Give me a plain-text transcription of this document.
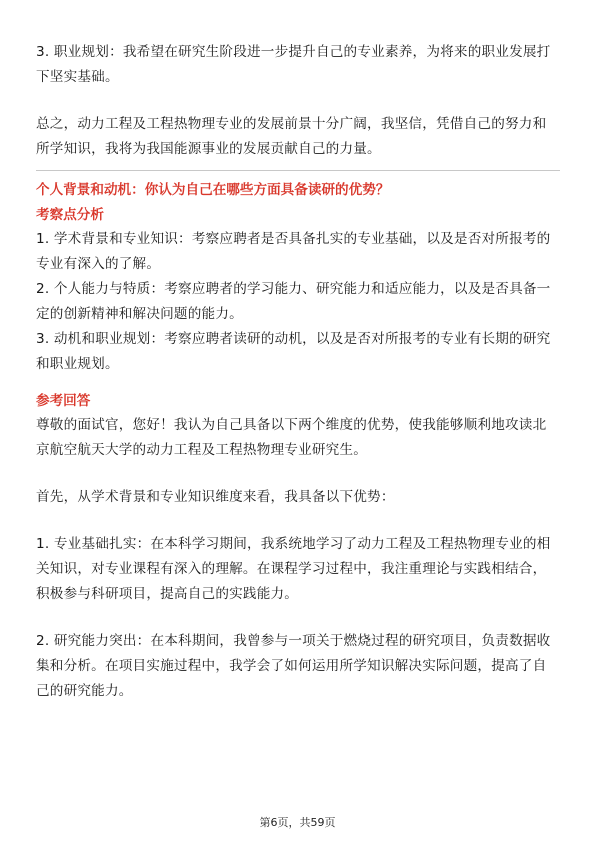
3. 职业规划：我希望在研究生阶段进一步提升自己的专业素养，为将来的职业发展打下坚实基础。

总之，动力工程及工程热物理专业的发展前景十分广阔，我坚信，凭借自己的努力和所学知识，我将为我国能源事业的发展贡献自己的力量。

个人背景和动机：你认为自己在哪些方面具备读研的优势？
考察点分析

1. 学术背景和专业知识：考察应聘者是否具备扎实的专业基础，以及是否对所报考的专业有深入的了解。

2. 个人能力与特质：考察应聘者的学习能力、研究能力和适应能力，以及是否具备一定的创新精神和解决问题的能力。

3. 动机和职业规划：考察应聘者读研的动机，以及是否对所报考的专业有长期的研究和职业规划。

参考回答

尊敬的面试官，您好！我认为自己具备以下两个维度的优势，使我能够顺利地攻读北京航空航天大学的动力工程及工程热物理专业研究生。

首先，从学术背景和专业知识维度来看，我具备以下优势：

1. 专业基础扎实：在本科学习期间，我系统地学习了动力工程及工程热物理专业的相关知识，对专业课程有深入的理解。在课程学习过程中，我注重理论与实践相结合，积极参与科研项目，提高自己的实践能力。

2. 研究能力突出：在本科期间，我曾参与一项关于燃烧过程的研究项目，负责数据收集和分析。在项目实施过程中，我学会了如何运用所学知识解决实际问题，提高了自己的研究能力。

第6页，共59页
